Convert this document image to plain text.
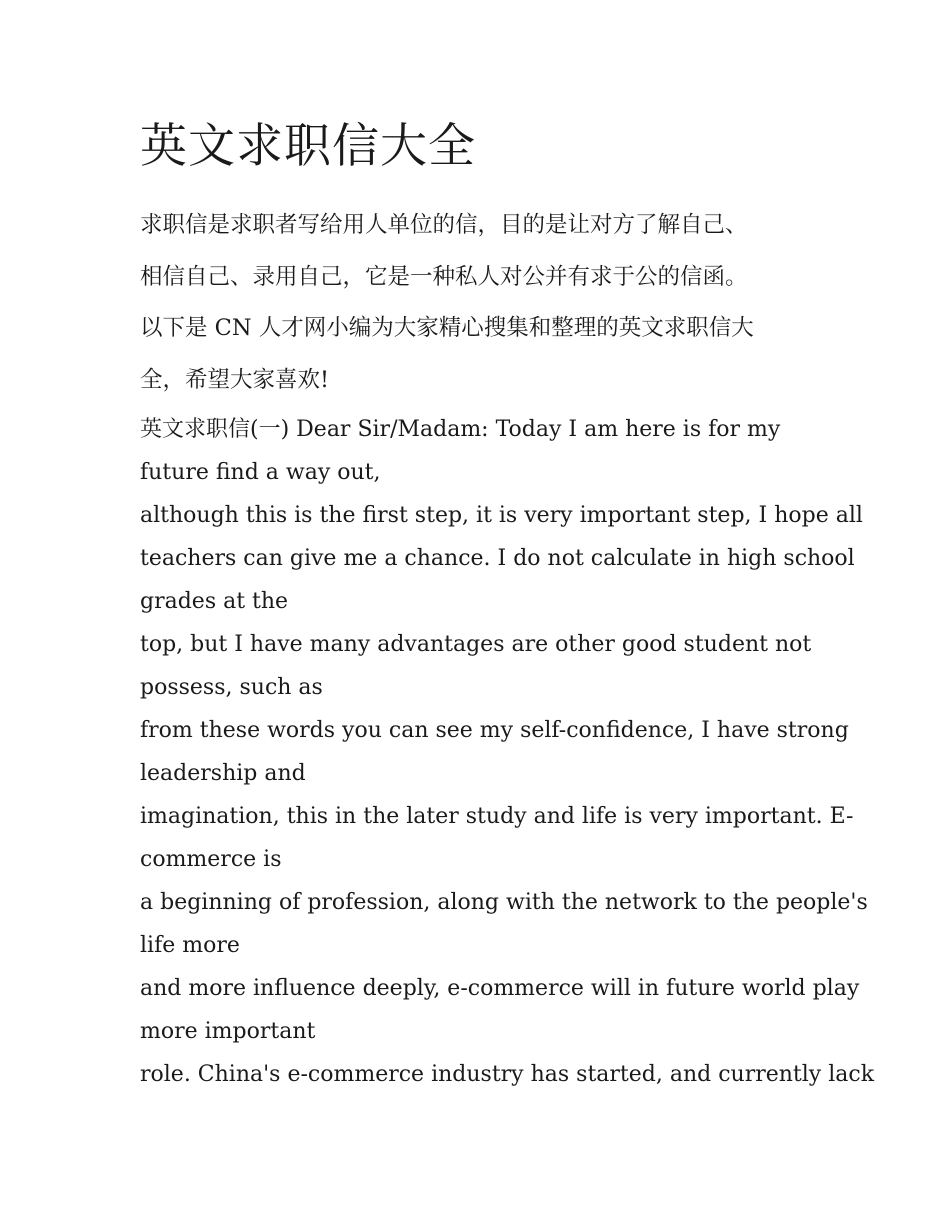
英文求职信大全
求职信是求职者写给用人单位的信，目的是让对方了解自己、
相信自己、录用自己，它是一种私人对公并有求于公的信函。
以下是 CN 人才网小编为大家精心搜集和整理的英文求职信大
全，希望大家喜欢!
英文求职信(一) Dear Sir/Madam: Today I am here is for my
future find a way out,
although this is the first step, it is very important step, I hope all
teachers can give me a chance. I do not calculate in high school
grades at the
top, but I have many advantages are other good student not
possess, such as
from these words you can see my self-confidence, I have strong
leadership and
imagination, this in the later study and life is very important. E-
commerce is
a beginning of profession, along with the network to the people's
life more
and more influence deeply, e-commerce will in future world play
more important
role. China's e-commerce industry has started, and currently lack
